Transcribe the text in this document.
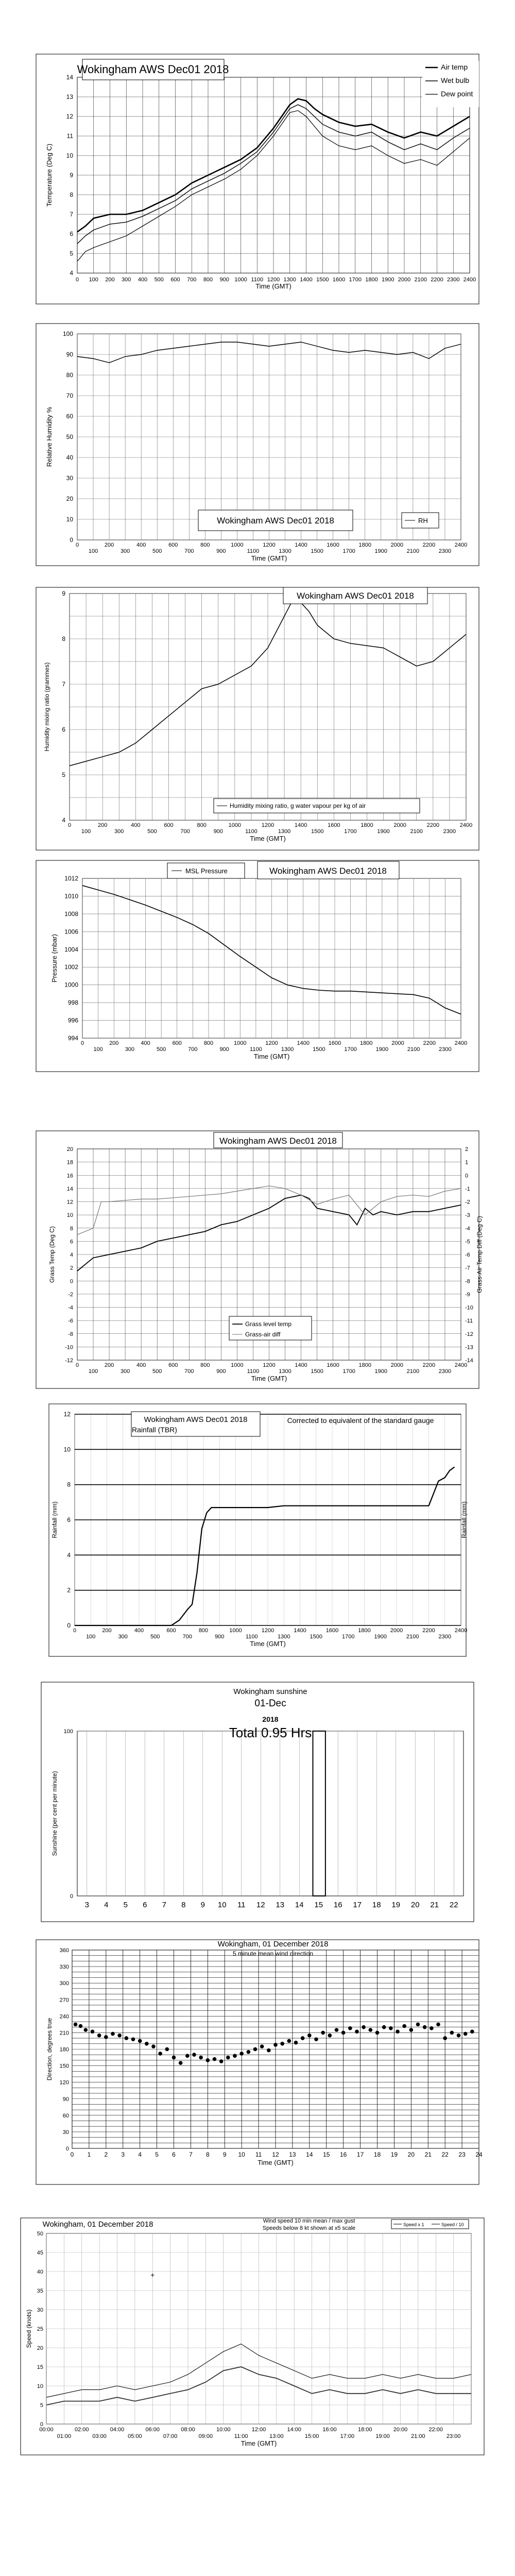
Wokingham AWS Dec01 2018
4
5
6
7
8
9
10
11
12
13
14
Temperature (Deg C)
0 100 200 300 400 500 600 700 800 900 1000 1100 1200 1300 1400 1500 1600 1700 1800 1900 2000 2100 2200 2300 2400
Time (GMT)
Air temp
Wet bulb
Dew point
0
10
20
30
40
50
60
70
80
90
100
Relative Humidity %
0	200	400	600	800	1000	1200	1400	1600	1800	2000	2200	2400
100	300	500	700	900	1100	1300	1500	1700	1900	2100	2300
Time (GMT)
Wokingham AWS Dec01 2018	RH
4
5
6
7
8
9
Humidity mixing ratio (grammes)
0	200	400	600	800	1000	1200	1400	1600	1800	2000	2200	2400
100	300	500	700	900	1100	1300	1500	1700	1900	2100	2300
Time (GMT)
Wokingham AWS Dec01 2018
Humidity mixing ratio, g water vapour per kg of air
994
996
998
1000
1002
1004
1006
1008
1010
1012
Pressure (mbar)
0	200	400	600	800	1000	1200	1400	1600	1800	2000	2200	2400
100	300	500	700	900	1100	1300	1500	1700	1900	2100	2300
Time (GMT)
MSL Pressure	Wokingham AWS Dec01 2018
-12
-10
-8
-6
-4
-2
0
2
4
6
8
10
12
14
16
18
20
-14
-13
-12
-11
-10
-9
-8
-7
-6
-5
-4
-3
-2
-1
0
1
2
Grass Temp (Deg C)	Grass-Air Temp Diff (Deg C)
0	200	400	600	800	1000	1200	1400	1600	1800	2000	2200	2400
100	300	500	700	900	1100	1300	1500	1700	1900	2100	2300
Time (GMT)
Wokingham AWS Dec01 2018
Grass level temp
Grass-air diff
0
2
4
6
8
10
12
Rainfall (mm)	Rainfall (mm)
0	200	400	600	800	1000	1200	1400	1600	1800	2000	2200	2400
100	300	500	700	900	1100	1300	1500	1700	1900	2100	2300
Time (GMT)
Wokingham AWS Dec01 2018
Rainfall (TBR)
Corrected to equivalent of the standard gauge
0
100
Sunshine (per cent per minute)
3 4 5 6 7 8 9 10 11 12 13 14 15 16 17 18 19 20 21 22
Wokingham sunshine
01-Dec
2018
Total 0.95 Hrs
0
30
60
90
120
150
180
210
240
270
300
330
360
Direction, degrees true
0 1 2 3 4 5 6 7 8 9 10 11 12 13 14 15 16 17 18 19 20 21 22 23 24
Time (GMT)
Wokingham, 01 December 2018
5 minute mean wind direction
0
5
10
15
20
25
30
35
40
45
50
Speed (knots)
00:00	02:00	04:00	06:00	08:00	10:00	12:00	14:00	16:00	18:00	20:00	22:00
01:00	03:00	05:00	07:00	09:00	11:00	13:00	15:00	17:00	19:00	21:00	23:00
Time (GMT)
+
Wokingham, 01 December 2018	Wind speed 10 min mean / max gust
Speeds below 8 kt shown at x5 scale
Speed x 1	Speed / 10
